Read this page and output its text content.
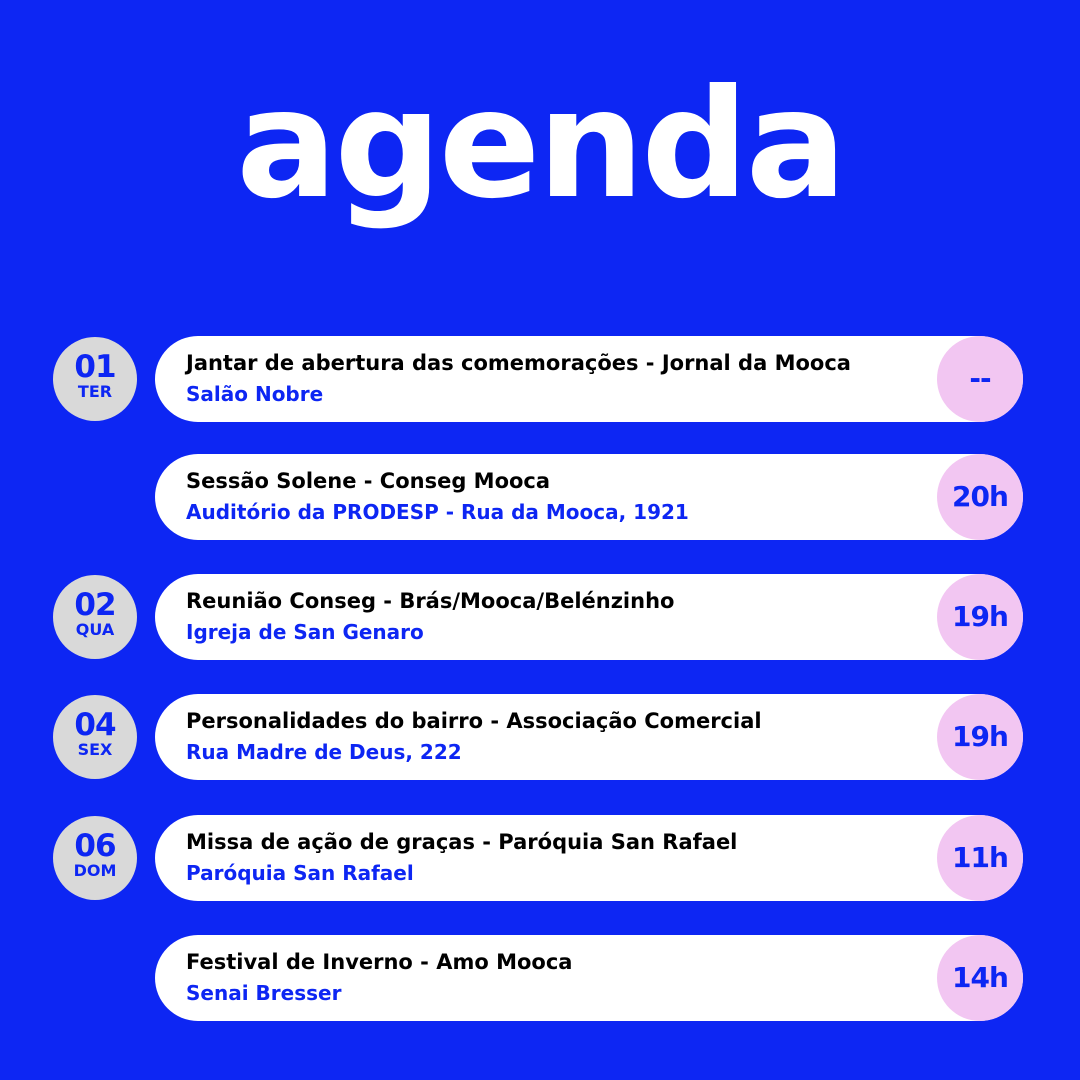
agenda
01
TER
Jantar de abertura das comemorações - Jornal da Mooca
Salão Nobre	--
Sessão Solene - Conseg Mooca
Auditório da PRODESP - Rua da Mooca, 1921	20h
02
QUA
Reunião Conseg - Brás/Mooca/Belénzinho
Igreja de San Genaro	19h
04
SEX
Personalidades do bairro - Associação Comercial
Rua Madre de Deus, 222	19h
06
DOM
Missa de ação de graças - Paróquia San Rafael
Paróquia San Rafael	11h
Festival de Inverno - Amo Mooca
Senai Bresser	14h
